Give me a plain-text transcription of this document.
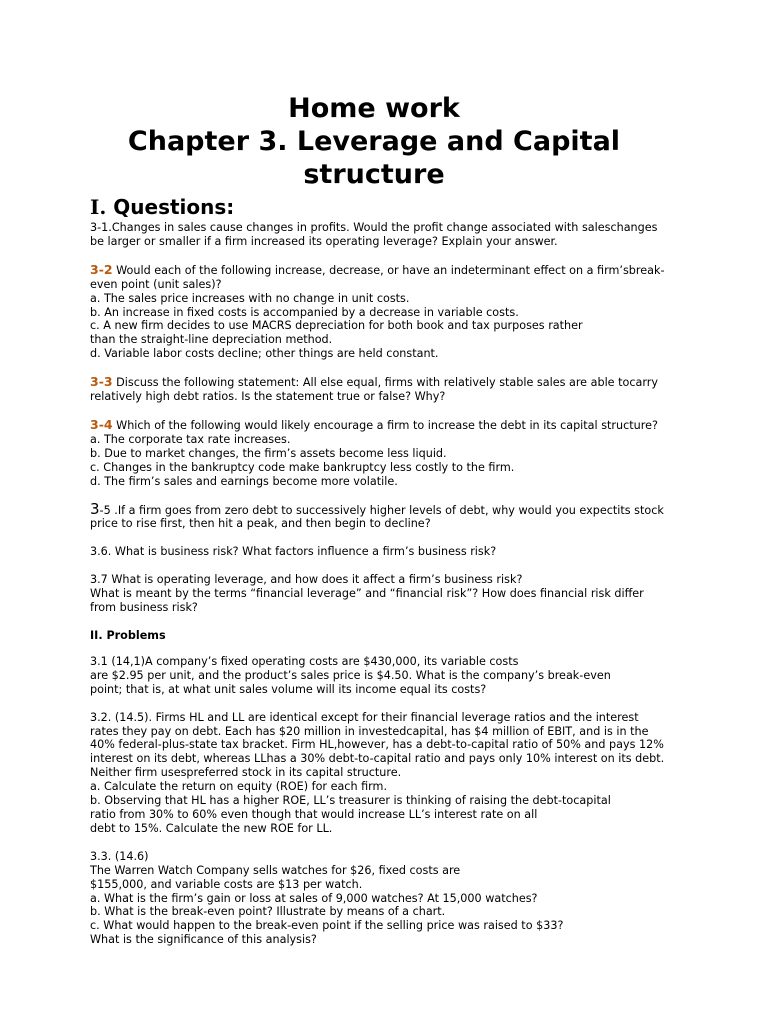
Home work
Chapter 3. Leverage and Capital structure
I. Questions:
3-1.Changes in sales cause changes in profits. Would the profit change associated with saleschanges
be larger or smaller if a firm increased its operating leverage? Explain your answer.
3-2 Would each of the following increase, decrease, or have an indeterminant effect on a firm’sbreak-
even point (unit sales)?
a. The sales price increases with no change in unit costs.
b. An increase in fixed costs is accompanied by a decrease in variable costs.
c. A new firm decides to use MACRS depreciation for both book and tax purposes rather
than the straight-line depreciation method.
d. Variable labor costs decline; other things are held constant.
3-3 Discuss the following statement: All else equal, firms with relatively stable sales are able tocarry
relatively high debt ratios. Is the statement true or false? Why?
3-4 Which of the following would likely encourage a firm to increase the debt in its capital structure?
a. The corporate tax rate increases.
b. Due to market changes, the firm’s assets become less liquid.
c. Changes in the bankruptcy code make bankruptcy less costly to the firm.
d. The firm’s sales and earnings become more volatile.
3-5 .If a firm goes from zero debt to successively higher levels of debt, why would you expectits stock
price to rise first, then hit a peak, and then begin to decline?
3.6. What is business risk? What factors influence a firm’s business risk?
3.7 What is operating leverage, and how does it affect a firm’s business risk?
What is meant by the terms “financial leverage” and “financial risk”? How does financial risk differ
from business risk?
II. Problems
3.1 (14,1)A company’s fixed operating costs are $430,000, its variable costs
are $2.95 per unit, and the product’s sales price is $4.50. What is the company’s break-even
point; that is, at what unit sales volume will its income equal its costs?
3.2. (14.5). Firms HL and LL are identical except for their financial leverage ratios and the interest
rates they pay on debt. Each has $20 million in investedcapital, has $4 million of EBIT, and is in the
40% federal-plus-state tax bracket. Firm HL,however, has a debt-to-capital ratio of 50% and pays 12%
interest on its debt, whereas LLhas a 30% debt-to-capital ratio and pays only 10% interest on its debt.
Neither firm usespreferred stock in its capital structure.
a. Calculate the return on equity (ROE) for each firm.
b. Observing that HL has a higher ROE, LL’s treasurer is thinking of raising the debt-tocapital
ratio from 30% to 60% even though that would increase LL’s interest rate on all
debt to 15%. Calculate the new ROE for LL.
3.3. (14.6)
The Warren Watch Company sells watches for $26, fixed costs are
$155,000, and variable costs are $13 per watch.
a. What is the firm’s gain or loss at sales of 9,000 watches? At 15,000 watches?
b. What is the break-even point? Illustrate by means of a chart.
c. What would happen to the break-even point if the selling price was raised to $33?
What is the significance of this analysis?
